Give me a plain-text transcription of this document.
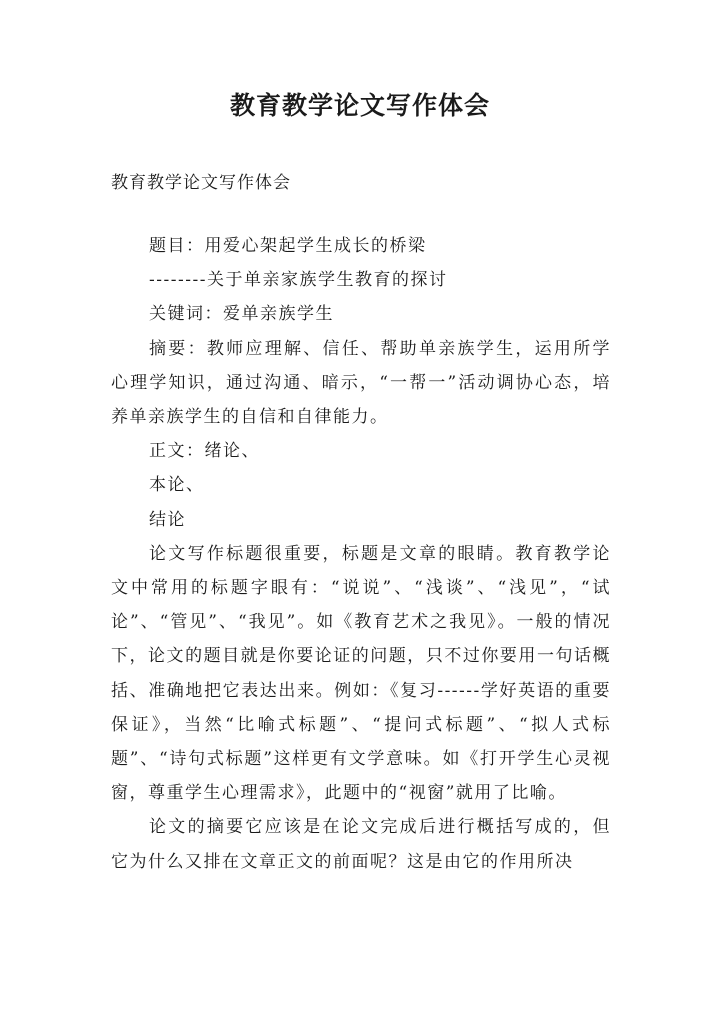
教育教学论文写作体会

教育教学论文写作体会

题目：用爱心架起学生成长的桥梁

--------关于单亲家族学生教育的探讨

关键词：爱单亲族学生

摘要：教师应理解、信任、帮助单亲族学生，运用所学心理学知识，通过沟通、暗示，“一帮一”活动调协心态，培养单亲族学生的自信和自律能力。

正文：绪论、

本论、

结论

论文写作标题很重要，标题是文章的眼睛。教育教学论文中常用的标题字眼有：“说说”、“浅谈”、“浅见”，“试论”、“管见”、“我见”。如《教育艺术之我见》。一般的情况下，论文的题目就是你要论证的问题，只不过你要用一句话概括、准确地把它表达出来。例如：《复习------学好英语的重要保证》，当然“比喻式标题”、“提问式标题”、“拟人式标题”、“诗句式标题”这样更有文学意味。如《打开学生心灵视窗，尊重学生心理需求》，此题中的“视窗”就用了比喻。

论文的摘要它应该是在论文完成后进行概括写成的，但它为什么又排在文章正文的前面呢？这是由它的作用所决
